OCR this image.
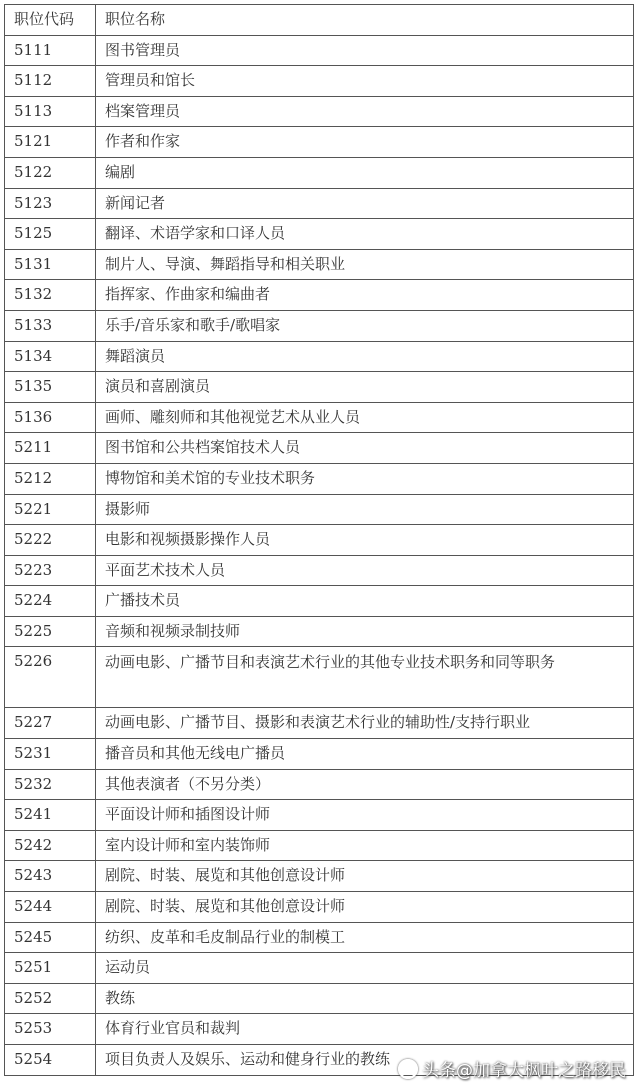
职位代码	职位名称
5111	图书管理员
5112	管理员和馆长
5113	档案管理员
5121	作者和作家
5122	编剧
5123	新闻记者
5125	翻译、术语学家和口译人员
5131	制片人、导演、舞蹈指导和相关职业
5132	指挥家、作曲家和编曲者
5133	乐手/音乐家和歌手/歌唱家
5134	舞蹈演员
5135	演员和喜剧演员
5136	画师、雕刻师和其他视觉艺术从业人员
5211	图书馆和公共档案馆技术人员
5212	博物馆和美术馆的专业技术职务
5221	摄影师
5222	电影和视频摄影操作人员
5223	平面艺术技术人员
5224	广播技术员
5225	音频和视频录制技师
5226	动画电影、广播节目和表演艺术行业的其他专业技术职务和同等职务
5227	动画电影、广播节目、摄影和表演艺术行业的辅助性/支持行职业
5231	播音员和其他无线电广播员
5232	其他表演者（不另分类）
5241	平面设计师和插图设计师
5242	室内设计师和室内装饰师
5243	剧院、时装、展览和其他创意设计师
5244	剧院、时装、展览和其他创意设计师
5245	纺织、皮革和毛皮制品行业的制模工
5251	运动员
5252	教练
5253	体育行业官员和裁判
5254	项目负责人及娱乐、运动和健身行业的教练
头条@加拿大枫叶之路移民
